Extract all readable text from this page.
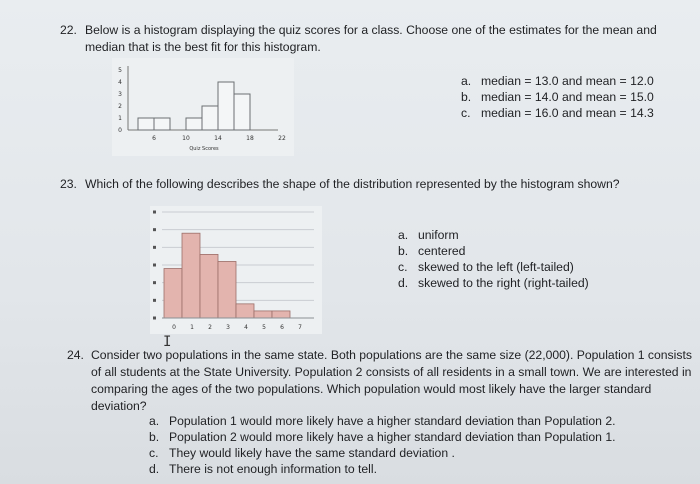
22. Below is a histogram displaying the quiz scores for a class. Choose one of the estimates for the mean and
median that is the best fit for this histogram.
0
1
2
3
4
5
6	10	14	18	22
Quiz Scores
a. median = 13.0 and mean = 12.0
b. median = 14.0 and mean = 15.0
c. median = 16.0 and mean = 14.3
23. Which of the following describes the shape of the distribution represented by the histogram shown?
0 1 2 3 4 5 6 7
a. uniform
b. centered
c. skewed to the left (left-tailed)
d. skewed to the right (right-tailed)
I
24. Consider two populations in the same state. Both populations are the same size (22,000). Population 1 consists
of all students at the State University. Population 2 consists of all residents in a small town. We are interested in
comparing the ages of the two populations. Which population would most likely have the larger standard
deviation?
a. Population 1 would more likely have a higher standard deviation than Population 2.
b. Population 2 would more likely have a higher standard deviation than Population 1.
c. They would likely have the same standard deviation .
d. There is not enough information to tell.
